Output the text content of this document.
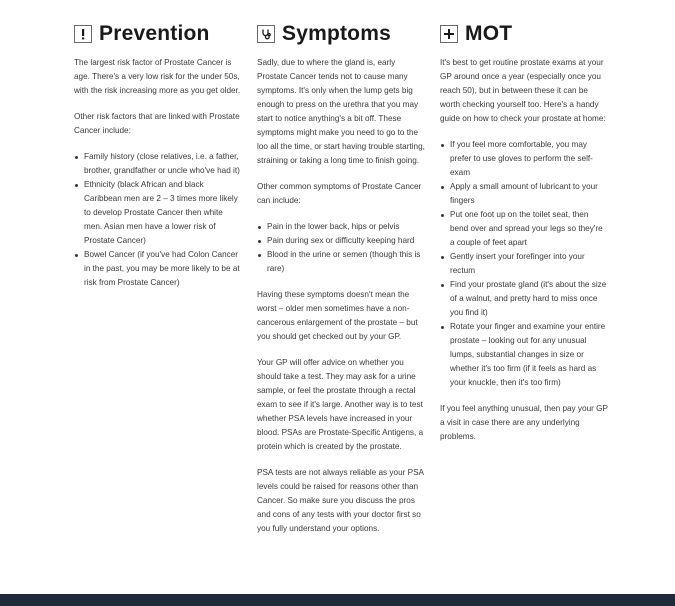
Prevention

The largest risk factor of Prostate Cancer is age. There's a very low risk for the under 50s, with the risk increasing more as you get older.

Other risk factors that are linked with Prostate Cancer include:

Family history (close relatives, i.e. a father, brother, grandfather or uncle who've had it)
Ethnicity (black African and black Caribbean men are 2 – 3 times more likely to develop Prostate Cancer then white men. Asian men have a lower risk of Prostate Cancer)
Bowel Cancer (if you've had Colon Cancer in the past, you may be more likely to be at risk from Prostate Cancer)
Symptoms

Sadly, due to where the gland is, early Prostate Cancer tends not to cause many symptoms. It's only when the lump gets big enough to press on the urethra that you may start to notice anything's a bit off. These symptoms might make you need to go to the loo all the time, or start having trouble starting, straining or taking a long time to finish going.

Other common symptoms of Prostate Cancer can include:

Pain in the lower back, hips or pelvis
Pain during sex or difficulty keeping hard
Blood in the urine or semen (though this is rare)

Having these symptoms doesn't mean the worst – older men sometimes have a non-cancerous enlargement of the prostate – but you should get checked out by your GP.

Your GP will offer advice on whether you should take a test. They may ask for a urine sample, or feel the prostate through a rectal exam to see if it's large. Another way is to test whether PSA levels have increased in your blood. PSAs are Prostate-Specific Antigens, a protein which is created by the prostate.

PSA tests are not always reliable as your PSA levels could be raised for reasons other than Cancer. So make sure you discuss the pros and cons of any tests with your doctor first so you fully understand your options.

MOT

It's best to get routine prostate exams at your GP around once a year (especially once you reach 50), but in between these it can be worth checking yourself too. Here's a handy guide on how to check your prostate at home:

If you feel more comfortable, you may prefer to use gloves to perform the self-exam
Apply a small amount of lubricant to your fingers
Put one foot up on the toilet seat, then bend over and spread your legs so they're a couple of feet apart
Gently insert your forefinger into your rectum
Find your prostate gland (it's about the size of a walnut, and pretty hard to miss once you find it)
Rotate your finger and examine your entire prostate – looking out for any unusual lumps, substantial changes in size or whether it's too firm (if it feels as hard as your knuckle, then it's too firm)

If you feel anything unusual, then pay your GP a visit in case there are any underlying problems.
